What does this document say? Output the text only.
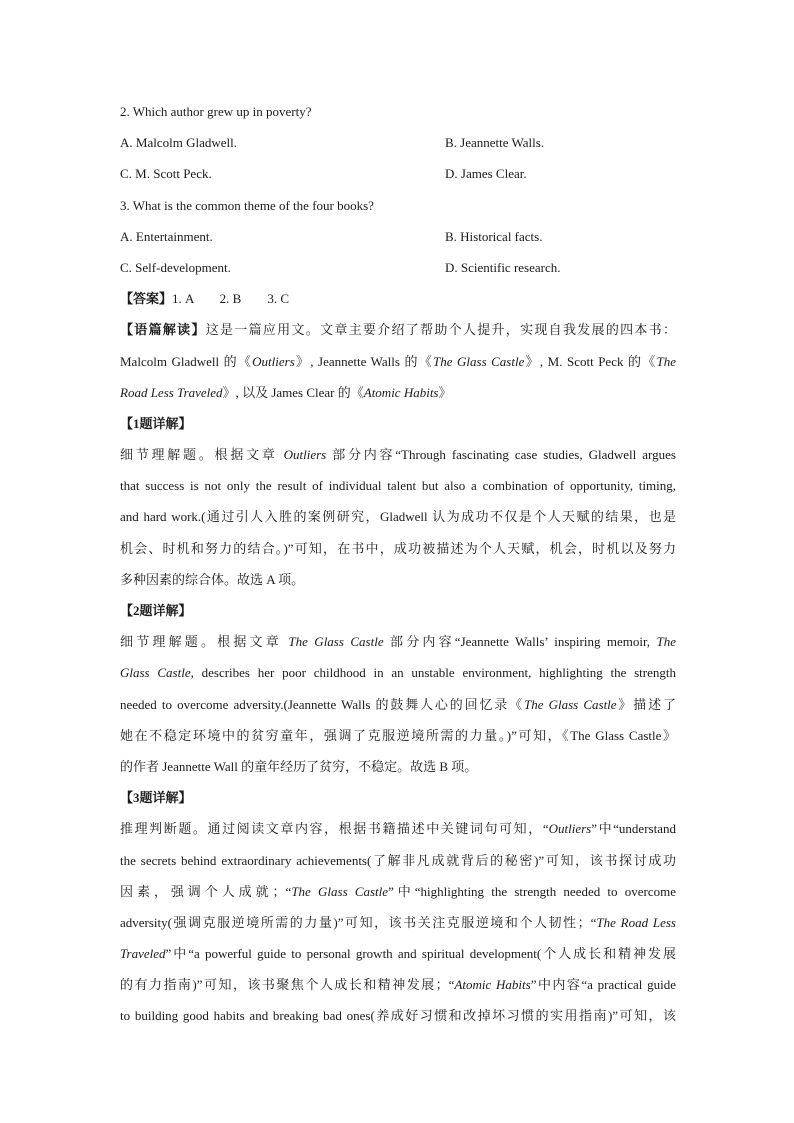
2. Which author grew up in poverty?
A. Malcolm Gladwell.	B. Jeannette Walls.
C. M. Scott Peck.	D. James Clear.
3. What is the common theme of the four books?
A. Entertainment.	B. Historical facts.
C. Self-development.	D. Scientific research.
【答案】1. A　　2. B　　3. C
【语篇解读】这是一篇应用文。文章主要介绍了帮助个人提升，实现自我发展的四本书：
Malcolm Gladwell 的《Outliers》, Jeannette Walls 的《The Glass Castle》, M. Scott Peck 的《The
Road Less Traveled》, 以及 James Clear 的《Atomic Habits》
【1题详解】
细节理解题。根据文章 Outliers 部分内容“Through fascinating case studies, Gladwell argues
that success is not only the result of individual talent but also a combination of opportunity, timing,
and hard work.(通过引人入胜的案例研究，Gladwell 认为成功不仅是个人天赋的结果，也是
机会、时机和努力的结合。)”可知，在书中，成功被描述为个人天赋，机会，时机以及努力
多种因素的综合体。故选 A 项。
【2题详解】
细节理解题。根据文章 The Glass Castle 部分内容“Jeannette Walls’ inspiring memoir, The
Glass Castle, describes her poor childhood in an unstable environment, highlighting the strength
needed to overcome adversity.(Jeannette Walls 的鼓舞人心的回忆录《The Glass Castle》描述了
她在不稳定环境中的贫穷童年，强调了克服逆境所需的力量。)”可知，《The Glass Castle》
的作者 Jeannette Wall 的童年经历了贫穷，不稳定。故选 B 项。
【3题详解】
推理判断题。通过阅读文章内容，根据书籍描述中关键词句可知，“Outliers”中“understand
the secrets behind extraordinary achievements(了解非凡成就背后的秘密)”可知，该书探讨成功
因素，强调个人成就；“The Glass Castle”中“highlighting the strength needed to overcome
adversity(强调克服逆境所需的力量)”可知，该书关注克服逆境和个人韧性；“The Road Less
Traveled”中“a powerful guide to personal growth and spiritual development(个人成长和精神发展
的有力指南)”可知，该书聚焦个人成长和精神发展；“Atomic Habits”中内容“a practical guide
to building good habits and breaking bad ones(养成好习惯和改掉坏习惯的实用指南)”可知，该
